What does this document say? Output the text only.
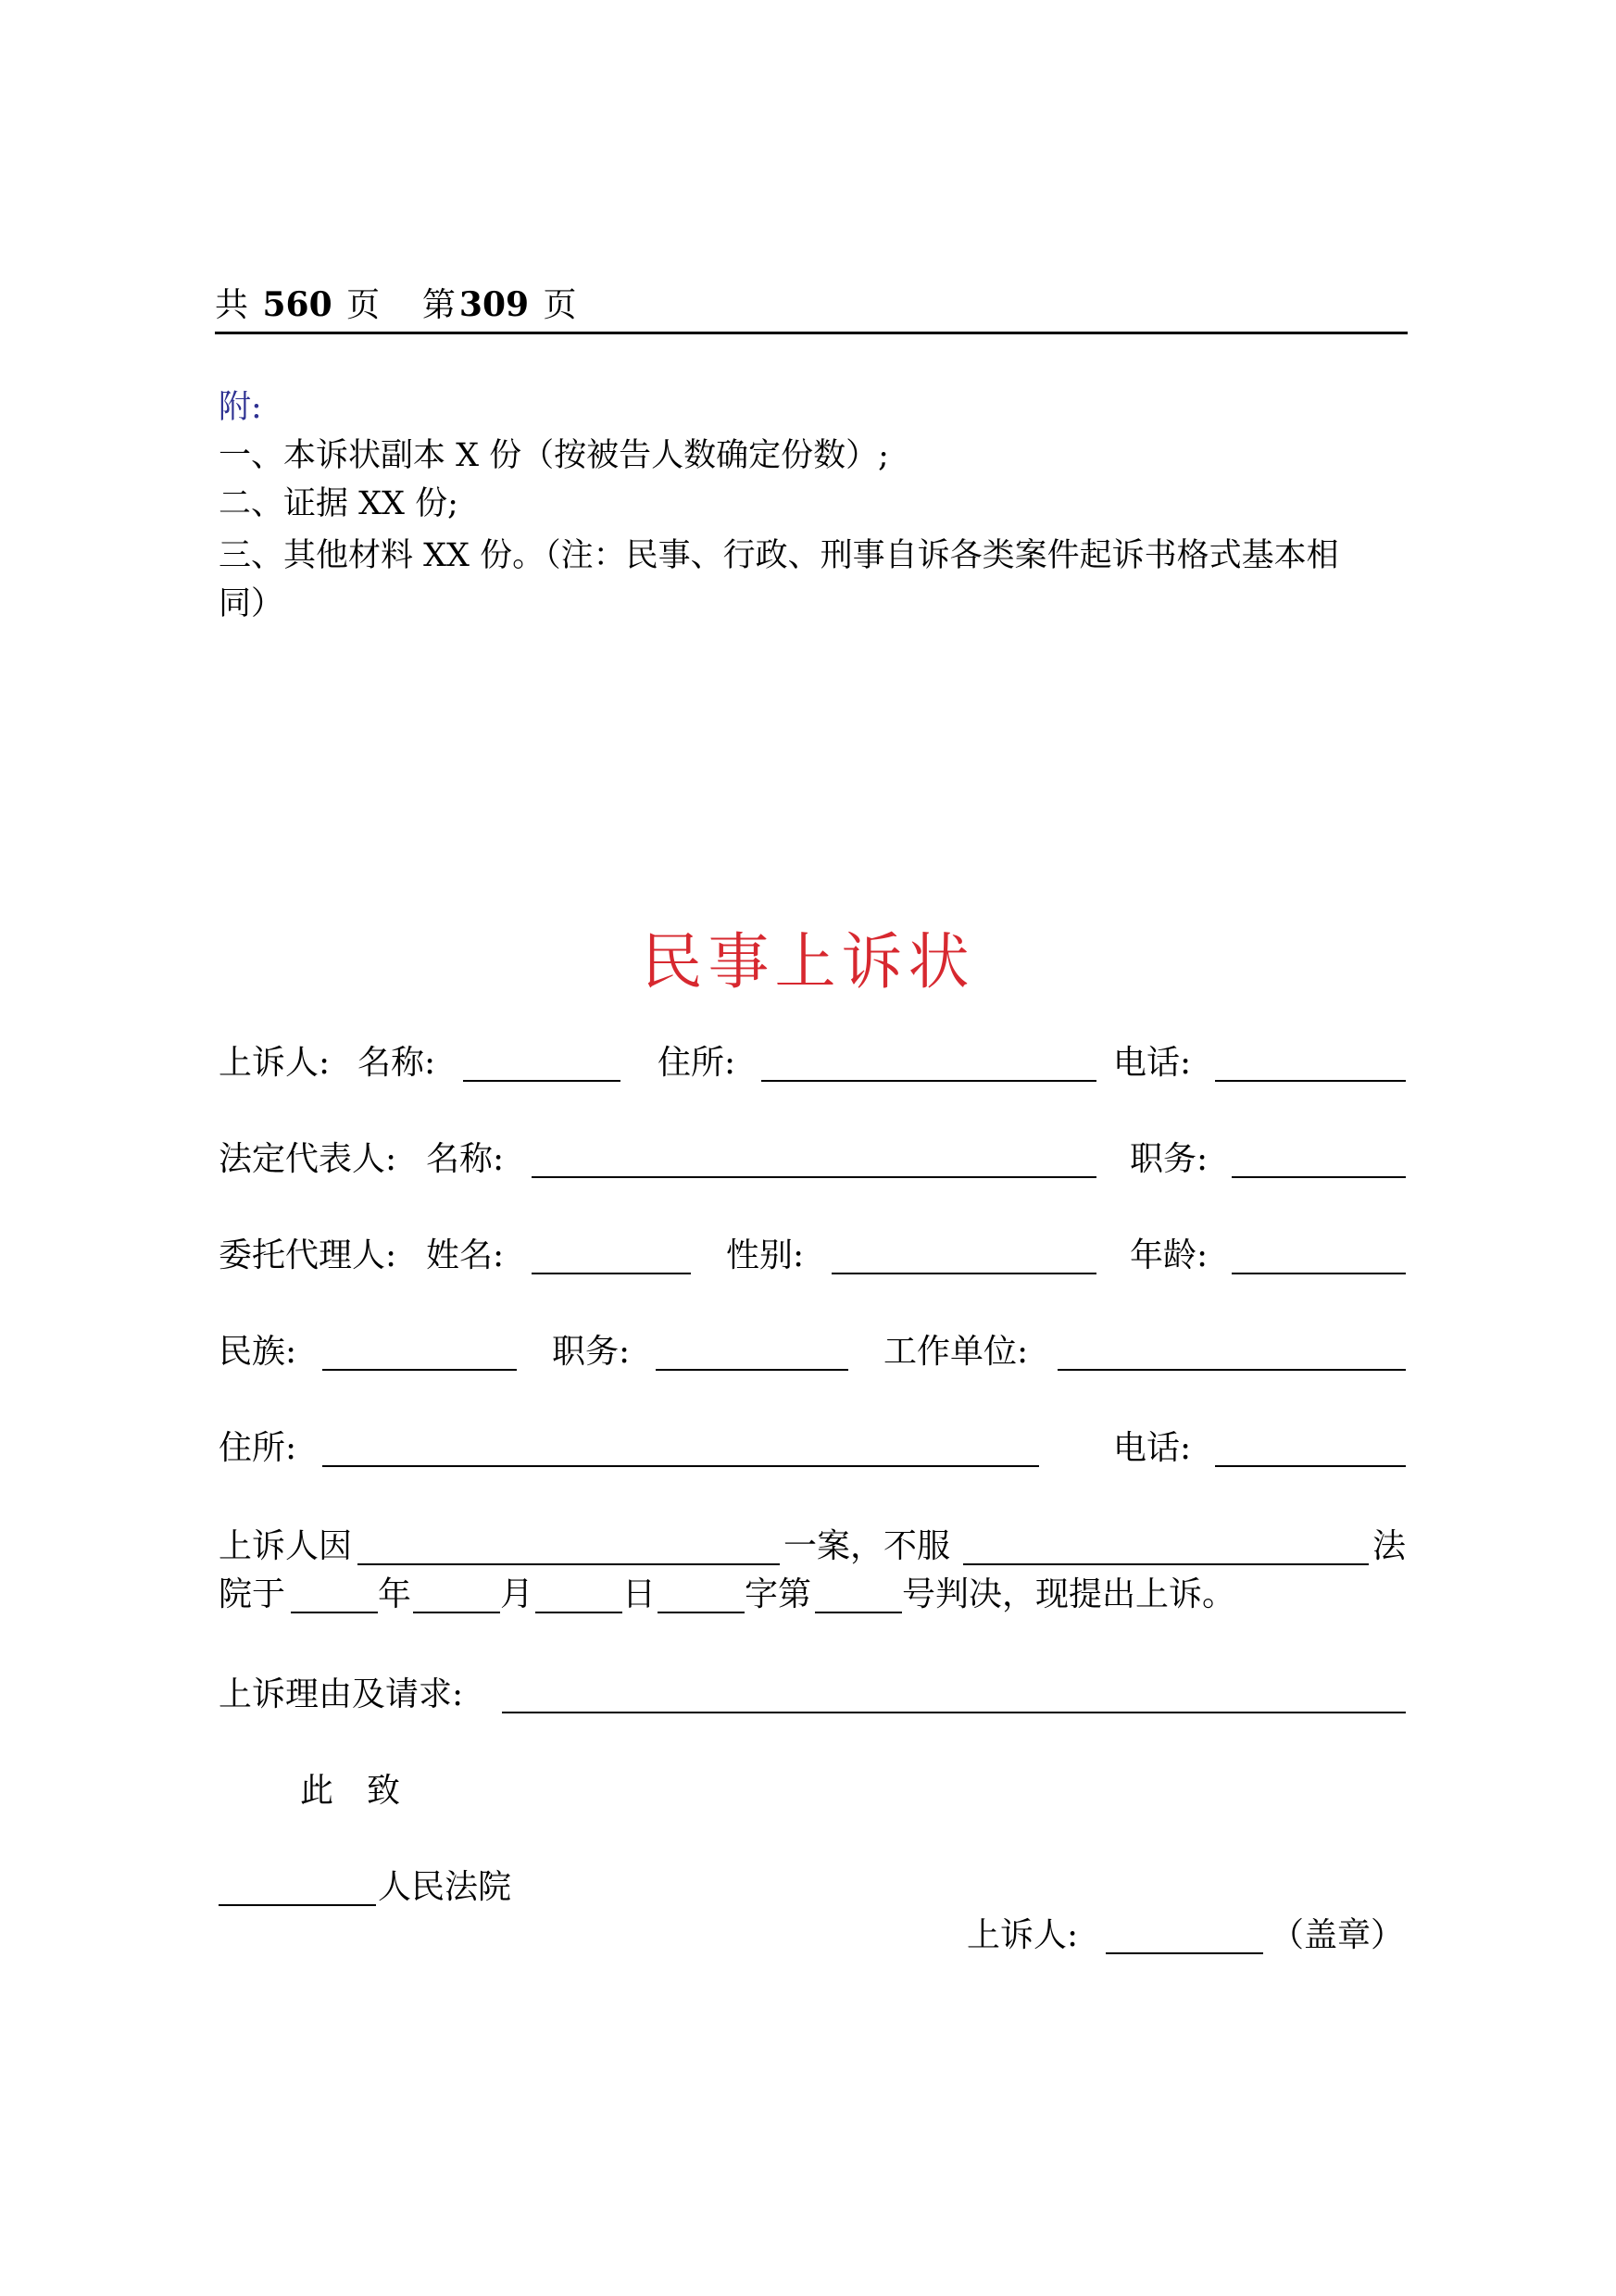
共 560 页 第 309 页
附:
一、本诉状副本 X 份（按被告人数确定份数）;
二、证据 XX 份;
三、其他材料 XX 份。（注：民事、行政、刑事自诉各类案件起诉书格式基本相
同）
民事上诉状
上诉人: 名称:	住所:	电话:
法定代表人: 名称:	职务:
委托代理人: 姓名:	性别:	年龄:
民族:	职务:	工作单位:
住所:	电话:
上诉人因	一案，不服	法
院于	年	月	日	字第	号判决，现提出上诉。
上诉理由及请求:
此　致
人民法院
上诉人:	（盖章）
